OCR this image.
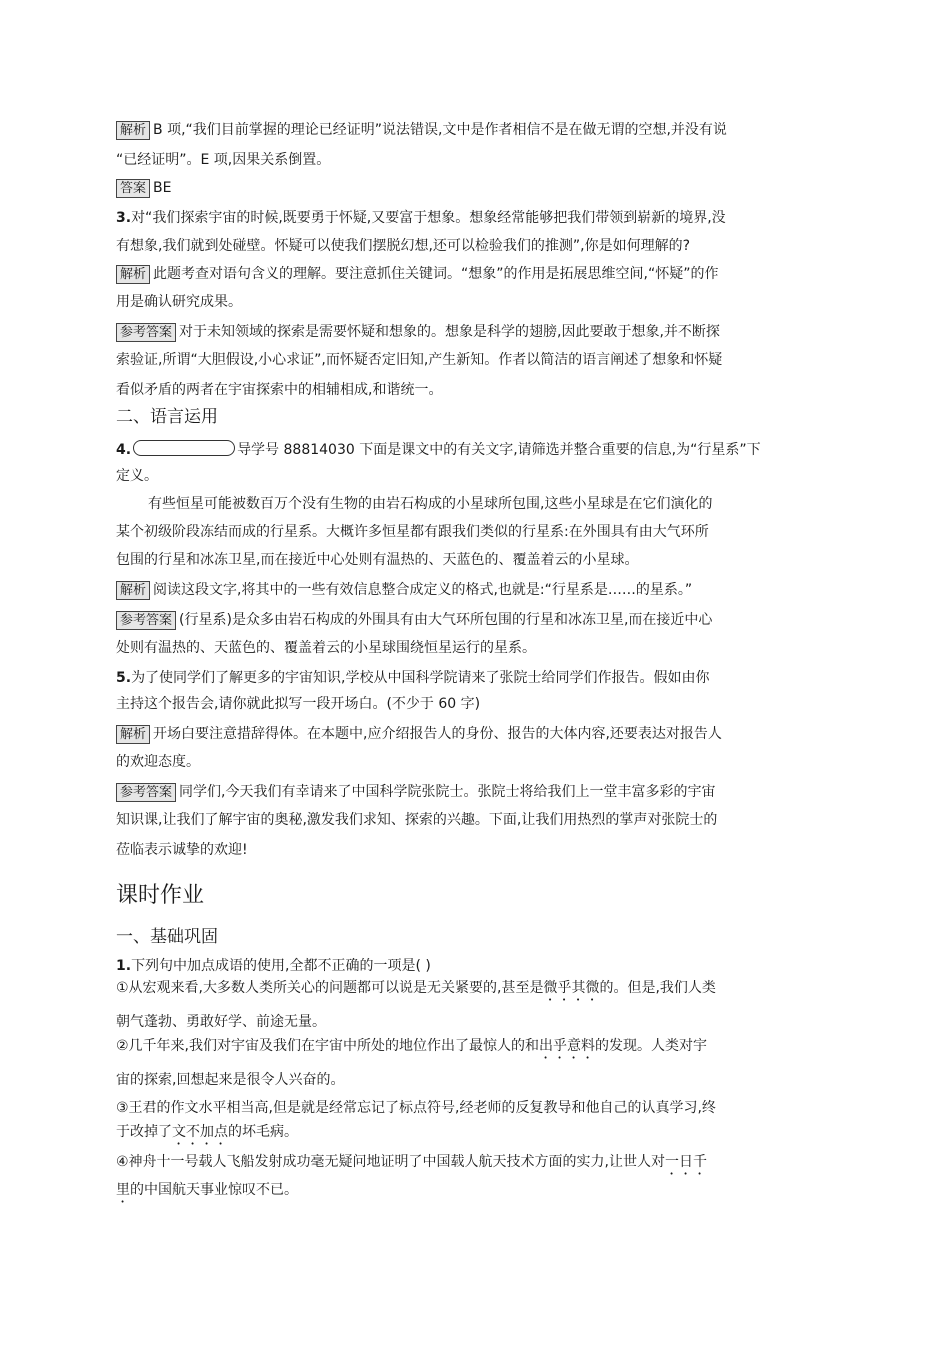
解析 B 项,“我们目前掌握的理论已经证明”说法错误,文中是作者相信不是在做无谓的空想,并没有说
“已经证明”。E 项,因果关系倒置。
答案 BE
3.对“我们探索宇宙的时候,既要勇于怀疑,又要富于想象。想象经常能够把我们带领到崭新的境界,没
有想象,我们就到处碰壁。怀疑可以使我们摆脱幻想,还可以检验我们的推测”,你是如何理解的?
解析 此题考查对语句含义的理解。要注意抓住关键词。“想象”的作用是拓展思维空间,“怀疑”的作
用是确认研究成果。
参考答案 对于未知领域的探索是需要怀疑和想象的。想象是科学的翅膀,因此要敢于想象,并不断探
索验证,所谓“大胆假设,小心求证”,而怀疑否定旧知,产生新知。作者以简洁的语言阐述了想象和怀疑
看似矛盾的两者在宇宙探索中的相辅相成,和谐统一。
二、语言运用
4.	导学号 88814030 下面是课文中的有关文字,请筛选并整合重要的信息,为“行星系”下
定义。
有些恒星可能被数百万个没有生物的由岩石构成的小星球所包围,这些小星球是在它们演化的
某个初级阶段冻结而成的行星系。大概许多恒星都有跟我们类似的行星系:在外围具有由大气环所
包围的行星和冰冻卫星,而在接近中心处则有温热的、天蓝色的、覆盖着云的小星球。
解析 阅读这段文字,将其中的一些有效信息整合成定义的格式,也就是:“行星系是……的星系。”
参考答案 (行星系)是众多由岩石构成的外围具有由大气环所包围的行星和冰冻卫星,而在接近中心
处则有温热的、天蓝色的、覆盖着云的小星球围绕恒星运行的星系。
5.为了使同学们了解更多的宇宙知识,学校从中国科学院请来了张院士给同学们作报告。假如由你
主持这个报告会,请你就此拟写一段开场白。(不少于 60 字)
解析 开场白要注意措辞得体。在本题中,应介绍报告人的身份、报告的大体内容,还要表达对报告人
的欢迎态度。
参考答案 同学们,今天我们有幸请来了中国科学院张院士。张院士将给我们上一堂丰富多彩的宇宙
知识课,让我们了解宇宙的奥秘,激发我们求知、探索的兴趣。下面,让我们用热烈的掌声对张院士的
莅临表示诚挚的欢迎!
课时作业
一、基础巩固
1.下列句中加点成语的使用,全都不正确的一项是( )
①从宏观来看,大多数人类所关心的问题都可以说是无关紧要的,甚至是微乎其微的。但是,我们人类
朝气蓬勃、勇敢好学、前途无量。
②几千年来,我们对宇宙及我们在宇宙中所处的地位作出了最惊人的和出乎意料的发现。人类对宇
宙的探索,回想起来是很令人兴奋的。
③王君的作文水平相当高,但是就是经常忘记了标点符号,经老师的反复教导和他自己的认真学习,终
于改掉了文不加点的坏毛病。
④神舟十一号载人飞船发射成功毫无疑问地证明了中国载人航天技术方面的实力,让世人对一日千
里的中国航天事业惊叹不已。
